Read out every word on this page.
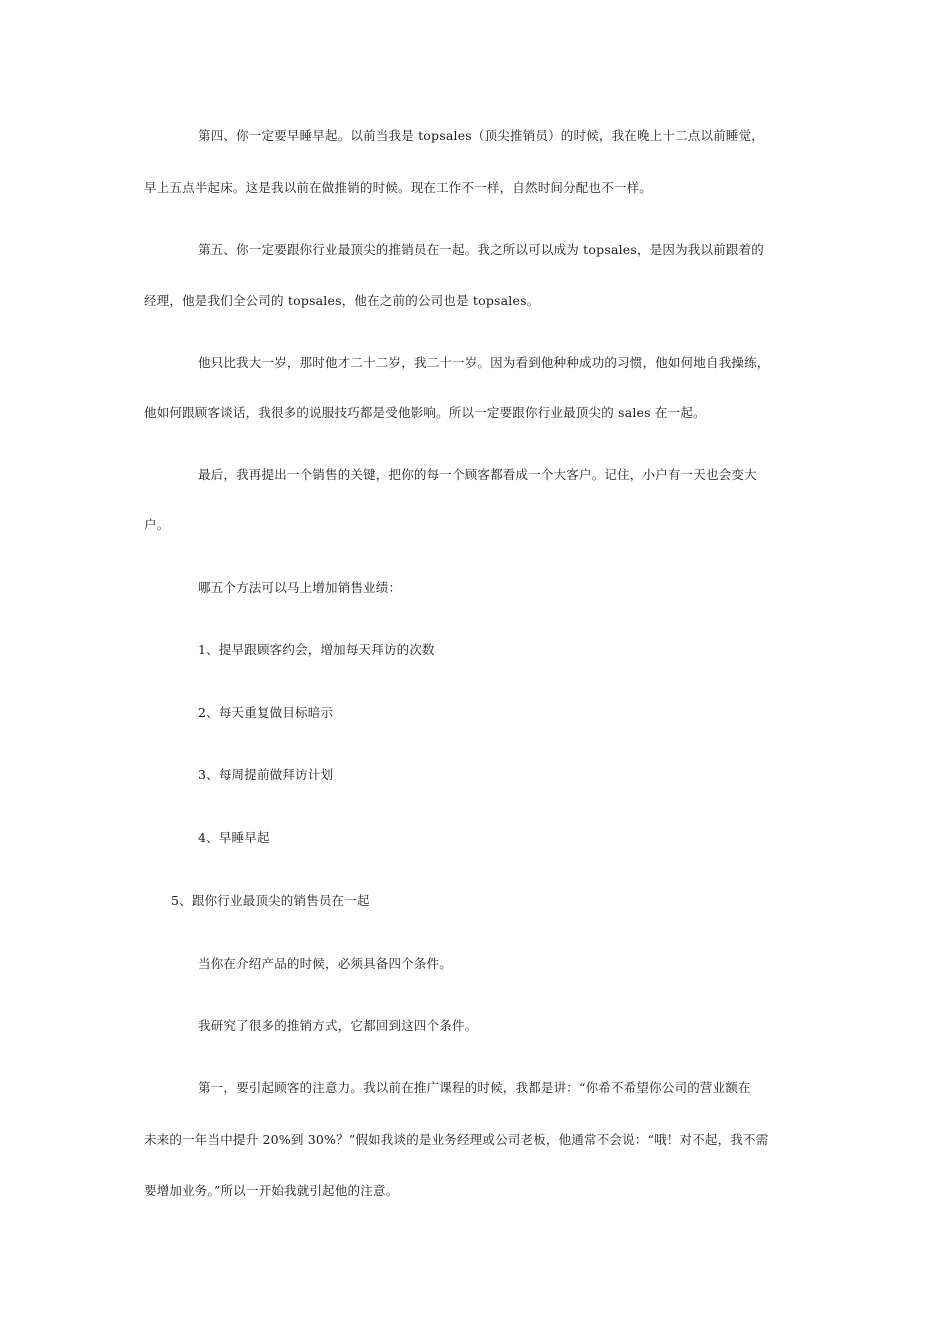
第四、你一定要早睡早起。以前当我是 topsales（顶尖推销员）的时候，我在晚上十二点以前睡觉，
早上五点半起床。这是我以前在做推销的时候。现在工作不一样，自然时间分配也不一样。
第五、你一定要跟你行业最顶尖的推销员在一起。我之所以可以成为 topsales，是因为我以前跟着的
经理，他是我们全公司的 topsales，他在之前的公司也是 topsales。
他只比我大一岁，那时他才二十二岁，我二十一岁。因为看到他种种成功的习惯，他如何地自我操练，
他如何跟顾客谈话，我很多的说服技巧都是受他影响。所以一定要跟你行业最顶尖的 sales 在一起。
最后，我再提出一个销售的关键，把你的每一个顾客都看成一个大客户。记住，小户有一天也会变大
户。
哪五个方法可以马上增加销售业绩：
1、提早跟顾客约会，增加每天拜访的次数
2、每天重复做目标暗示
3、每周提前做拜访计划
4、早睡早起
5、跟你行业最顶尖的销售员在一起
当你在介绍产品的时候，必须具备四个条件。
我研究了很多的推销方式，它都回到这四个条件。
第一，要引起顾客的注意力。我以前在推广课程的时候，我都是讲：“你希不希望你公司的营业额在
未来的一年当中提升 20%到 30%？”假如我谈的是业务经理或公司老板，他通常不会说：“哦！对不起，我不需
要增加业务。”所以一开始我就引起他的注意。
